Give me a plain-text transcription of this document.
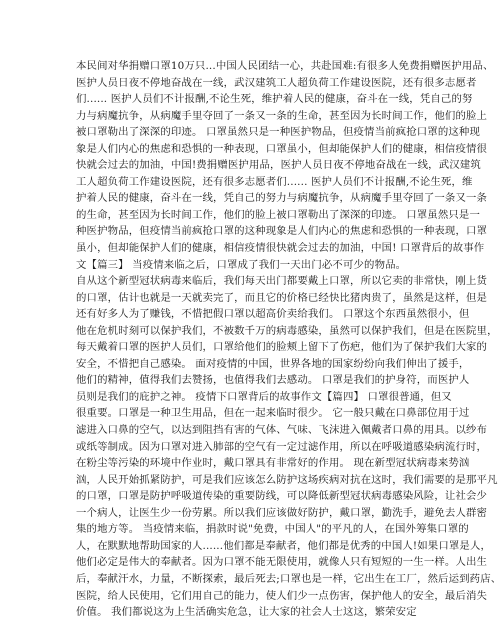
本民间对华捐赠口罩10万只...中国人民团结一心，共赴国难:有很多人免费捐赠医护用品、
医护人员日夜不停地奋战在一线，武汉建筑工人超负荷工作建设医院，还有很多志愿者
们...... 医护人员们不计报酬,不论生死，维护着人民的健康，奋斗在一线，凭自己的努
力与病魔抗争，从病魔手里夺回了一条又一条的生命，甚至因为长时间工作，他们的脸上
被口罩勒出了深深的印迹。 口罩虽然只是一种医护物品，但疫情当前疯抢口罩的这种现
象是人们内心的焦虑和恐惧的一种表现，口罩虽小，但却能保护人们的健康，相信疫情很
快就会过去的加油，中国!费捐赠医护用品，医护人员日夜不停地奋战在一线，武汉建筑
工人超负荷工作建设医院，还有很多志愿者们...... 医护人员们不计报酬,不论生死，维
护着人民的健康，奋斗在一线，凭自己的努力与病魔抗争，从病魔手里夺回了一条又一条
的生命，甚至因为长时间工作，他们的脸上被口罩勒出了深深的印迹。 口罩虽然只是一
种医护物品，但疫情当前疯抢口罩的这种现象是人们内心的焦虑和恐惧的一种表现，口罩
虽小，但却能保护人们的健康，相信疫情很快就会过去的加油，中国! 口罩背后的故事作
文【篇三】 当疫情来临之后，口罩成了我们一天出门必不可少的物品。
自从这个新型冠状病毒来临后，我们每天出门都要戴上口罩，所以它卖的非常快，刚上货
的口罩，估计也就是一天就卖完了，而且它的价格已经快比猪肉贵了，虽然是这样，但是
还有好多人为了赚钱，不惜把假口罩以超高价卖给我们。 口罩这个东西虽然很小，但
他在危机时刻可以保护我们，不被数千万的病毒感染，虽然可以保护我们，但是在医院里，
每天戴着口罩的医护人员们，口罩给他们的脸颊上留下了伤疤，他们为了保护我们大家的
安全，不惜把自己感染。 面对疫情的中国，世界各地的国家纷纷向我们伸出了援手，
他们的精神，值得我们去赞扬，也值得我们去感动。 口罩是我们的护身符，而医护人
员则是我们的庇护之神。 疫情下口罩背后的故事作文【篇四】 口罩很普通，但又
很重要。口罩是一种卫生用品，但在一起来临时很少。 它一般只戴在口鼻部位用于过
滤进入口鼻的空气，以达到阻挡有害的气体、气味、飞沫进入佩戴者口鼻的用具。以纱布
或纸等制成。因为口罩对进入肺部的空气有一定过滤作用，所以在呼吸道感染病流行时，
在粉尘等污染的环境中作业时，戴口罩具有非常好的作用。 现在新型冠状病毒来势汹
汹，人民开始抓紧防护，可是我们应该怎么防护这场疾病对抗在这时，我们需要的是那平凡
的口罩，口罩是防护呼吸道传染的重要防线，可以降低新型冠状病毒感染风险，让社会少
一个病人，让医生少一份劳累。所以我们应该做好防护，戴口罩，勤洗手，避免去人群密
集的地方等。 当疫情来临，捐款时说"免费，中国人"的平凡的人，在国外筹集口罩的
人，在默默地帮助国家的人......他们都是奉献者，他们都是优秀的中国人!如果口罩是人，
他们必定是伟大的奉献者。因为口罩不能无限使用，就像人只有短短的一生一样。人出生
后，奉献汗水，力量，不断探索，最后死去;口罩也是一样，它出生在工厂，然后运到药店、
医院，给人民使用，它们用自己的能力，使人们少一点伤害，保护他人的安全，最后消失
价值。 我们都说这为上生活确实危急，让大家的社会人士这这，繁荣安定
